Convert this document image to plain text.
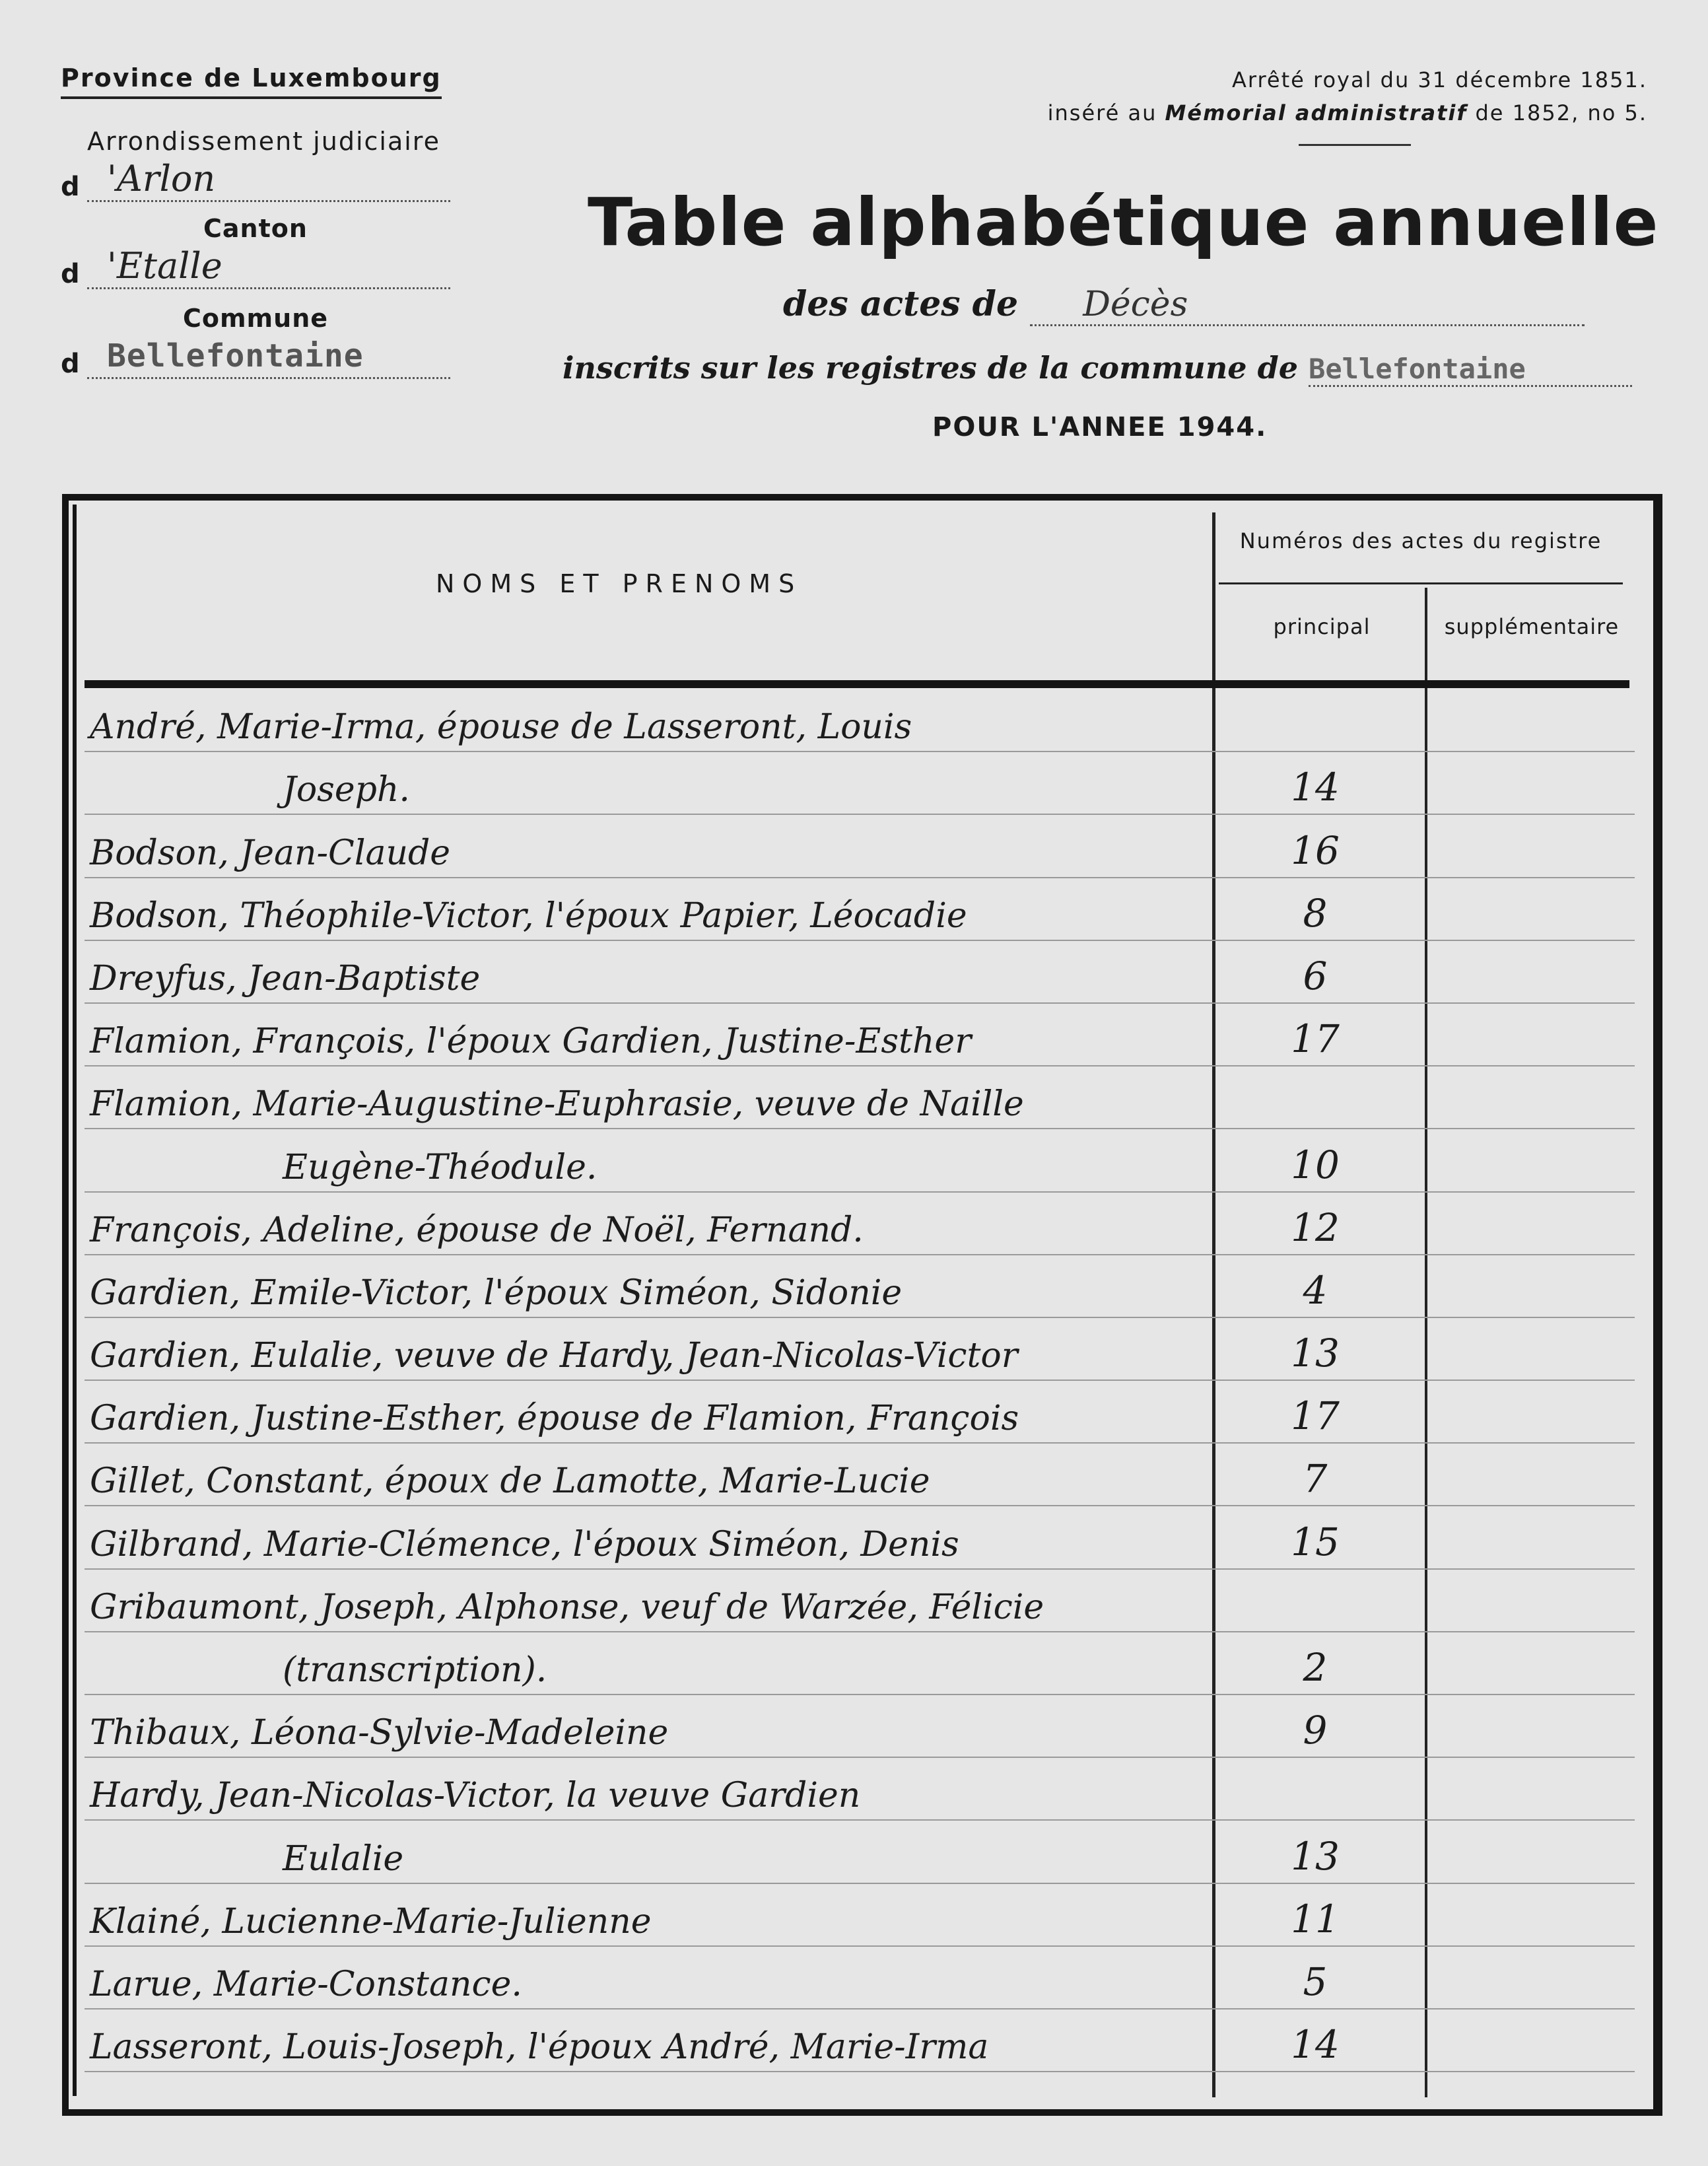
Province de Luxembourg
Arrondissement judiciaire
d 'Arlon
Canton
d 'Etalle
Commune
d Bellefontaine
Arrêté royal du 31 décembre 1851.
inséré au Mémorial administratif de 1852, no 5.
Table alphabétique annuelle
des actes de Décès
inscrits sur les registres de la commune de Bellefontaine
POUR L'ANNEE 1944.
NOMS ET PRENOMS
Numéros des actes du registre
principal	supplémentaire
André, Marie-Irma, épouse de Lasseront, Louis
Joseph.	14
Bodson, Jean-Claude	16
Bodson, Théophile-Victor, l'époux Papier, Léocadie	8
Dreyfus, Jean-Baptiste	6
Flamion, François, l'époux Gardien, Justine-Esther	17
Flamion, Marie-Augustine-Euphrasie, veuve de Naille
Eugène-Théodule.	10
François, Adeline, épouse de Noël, Fernand.	12
Gardien, Emile-Victor, l'époux Siméon, Sidonie	4
Gardien, Eulalie, veuve de Hardy, Jean-Nicolas-Victor	13
Gardien, Justine-Esther, épouse de Flamion, François	17
Gillet, Constant, époux de Lamotte, Marie-Lucie	7
Gilbrand, Marie-Clémence, l'époux Siméon, Denis	15
Gribaumont, Joseph, Alphonse, veuf de Warzée, Félicie
(transcription).	2
Thibaux, Léona-Sylvie-Madeleine	9
Hardy, Jean-Nicolas-Victor, la veuve Gardien
Eulalie	13
Klainé, Lucienne-Marie-Julienne	11
Larue, Marie-Constance.	5
Lasseront, Louis-Joseph, l'époux André, Marie-Irma	14
